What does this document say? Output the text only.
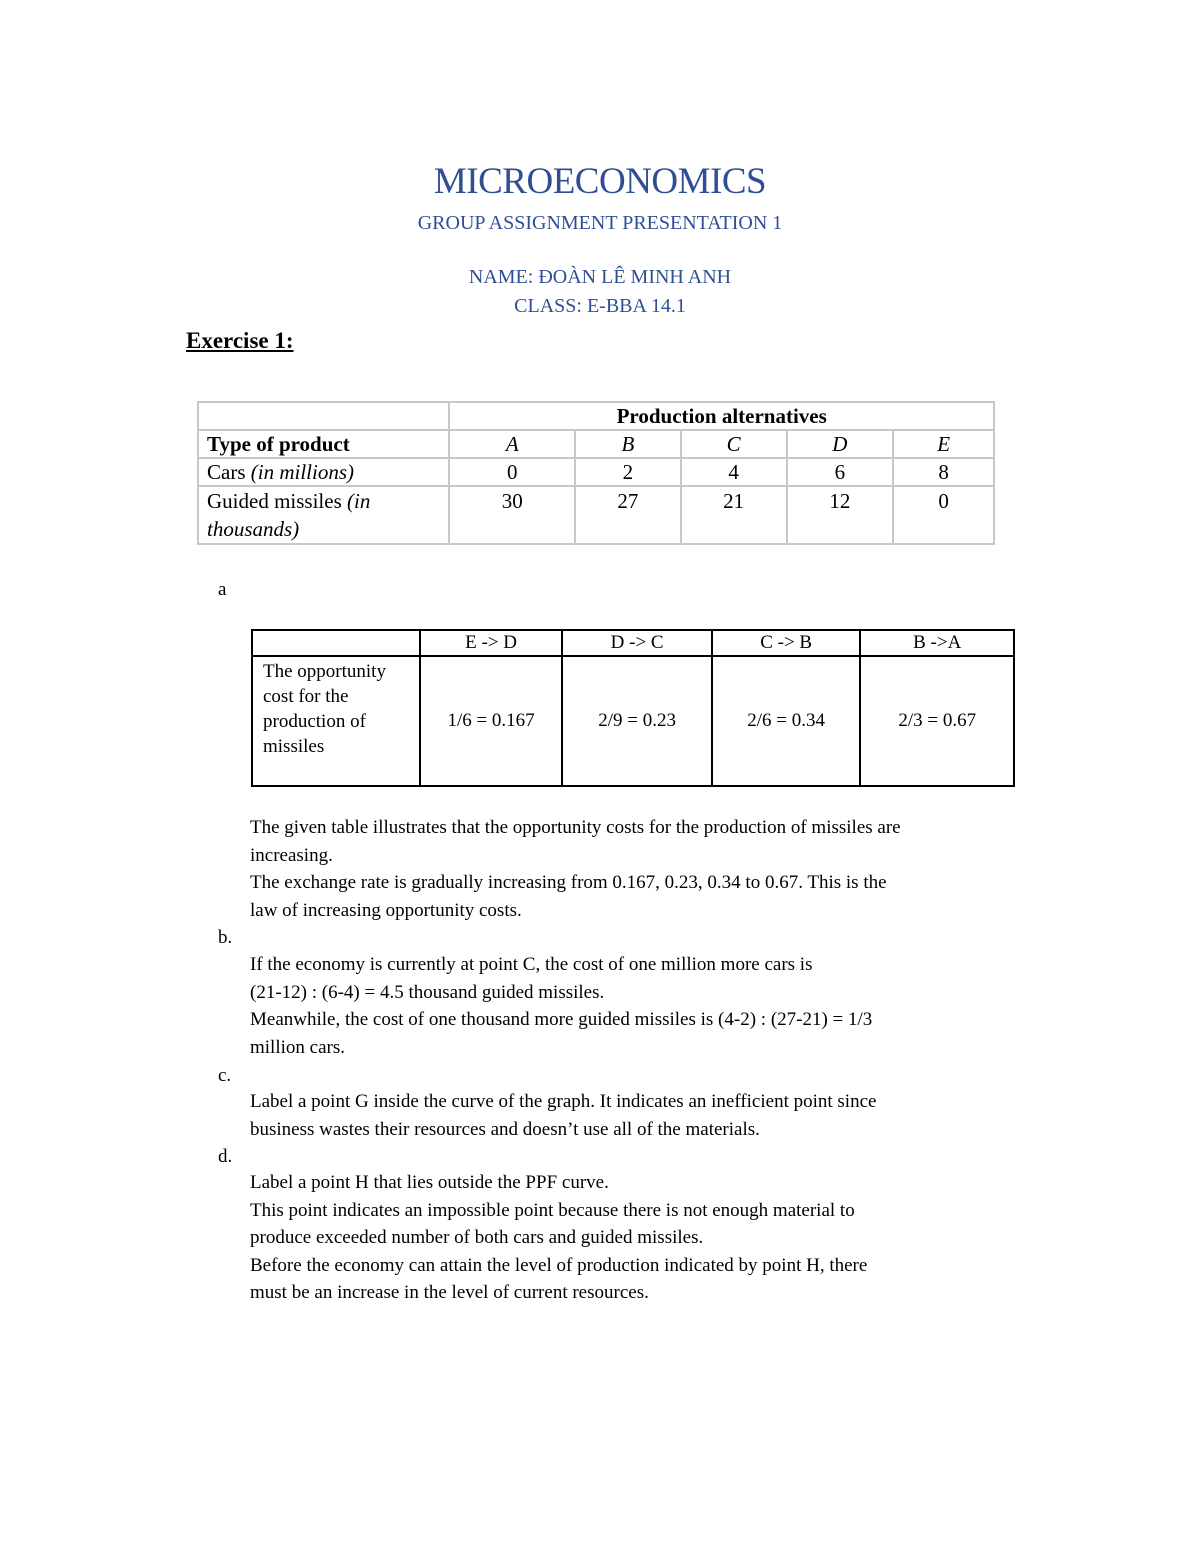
MICROECONOMICS
GROUP ASSIGNMENT PRESENTATION 1
NAME: ĐOÀN LÊ MINH ANH
CLASS: E-BBA 14.1
Exercise 1:
	Production alternatives				
Type of product	A	B	C	D	E
Cars (in millions)	0	2	4	6	8
Guided missiles (in
thousands)	30	27	21	12	0
a
	E -> D	D -> C	C -> B	B ->A

The opportunity
cost for the
production of
missiles	1/6 = 0.167	2/9 = 0.23	2/6 = 0.34	2/3 = 0.67

The given table illustrates that the opportunity costs for the production of missiles are

increasing.

The exchange rate is gradually increasing from 0.167, 0.23, 0.34 to 0.67. This is the

law of increasing opportunity costs.

b.

If the economy is currently at point C, the cost of one million more cars is

(21-12) : (6-4) = 4.5 thousand guided missiles.

Meanwhile, the cost of one thousand more guided missiles is (4-2) : (27-21) = 1/3

million cars.

c.

Label a point G inside the curve of the graph. It indicates an inefficient point since

business wastes their resources and doesn’t use all of the materials.

d.

Label a point H that lies outside the PPF curve.

This point indicates an impossible point because there is not enough material to

produce exceeded number of both cars and guided missiles.

Before the economy can attain the level of production indicated by point H, there

must be an increase in the level of current resources.
